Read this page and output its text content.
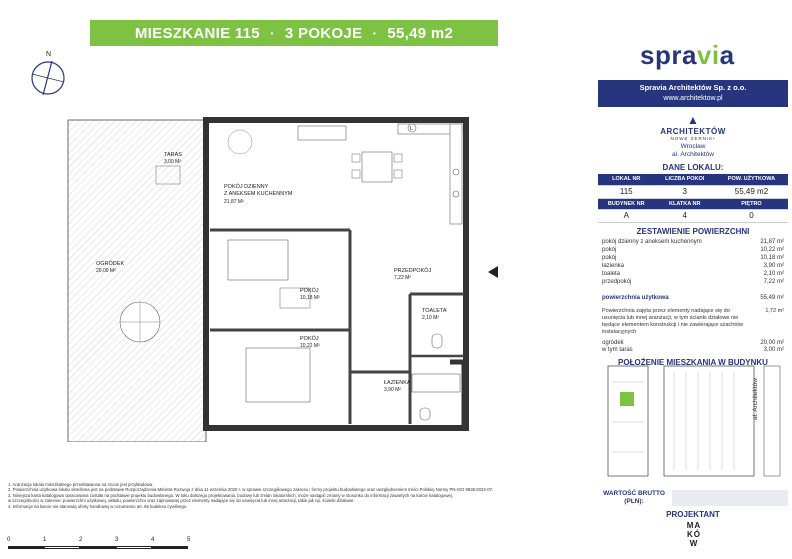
MIESZKANIE 115 · 3 POKOJE · 55,49 m2
spravia
N
L
TARAS
3,00 M²
OGRÓDEK
20,00 M²
POKÓJ DZIENNY
Z ANEKSEM KUCHENNYM
21,87 M²
POKÓJ
10,18 M²
POKÓJ
10,22 M²
PRZEDPOKÓJ
7,22 M²
TOALETA
2,10 M²
ŁAZIENKA
3,90 M²
Spravia Architektów Sp. z o.o.
www.architektow.pl
▲
ARCHITEKTÓW
NOWE ZERNIKI
Wrocław
al. Architektów
DANE LOKALU:
LOKAL NR	LICZBA POKOI	POW. UŻYTKOWA
115	3	55,49 m2
BUDYNEK NR	KLATKA NR	PIĘTRO
A	4	0
ZESTAWIENIE POWIERZCHNI
pokój dzienny z aneksem kuchennym	21,87 m²
pokój	10,22 m²
pokój	10,18 m²
łazienka	3,90 m²
toaleta	2,10 m²
przedpokój	7,22 m²
powierzchnia użytkowa	55,49 m²
Powierzchnia zajęta przez elementy nadające się do usunięcia lub innej aranżacji, w tym ścianki działowe nie będące elementem konstrukcji i nie zawierające szachtów instalacyjnych
1,72 m²
ogródek	20,00 m²
w tym taras	3,00 m²
POŁOŻENIE MIESZKANIA W BUDYNKU
al. Architektów
WARTOŚĆ BRUTTO (PLN):
PROJEKTANT
MA
KÓ
W
1. Aranżacja lokalu mieszkalnego przedstawiona na rzucie jest przykładowa.
2. Powierzchnia użytkowa lokalu określona jest na podstawie Rozporządzenia Ministra Rozwoju z dnia 11 września 2020 r. w sprawie szczegółowego zakresu i formy projektu budowlanego oraz uwzględnieniem treści Polskiej Normy PN-ISO 9836:2022-07.
3. Niniejsza karta katalogowa opracowana została na podstawie projektu budowlanego. W toku dalszego projektowania, budowy lub zmian lokatorskich, może nastąpić zmiany w stosunku do informacji zawartych na karcie katalogowej,
w szczególności w zakresie: powierzchni użytkowej, układu, powierzchni oraz zajmowanej przez elementy nadające się do usunięcia lub innej aranżacji, takie jak np. ścianki działowe.
4. Informacje na karcie nie stanowią oferty handlowej w rozumieniu art. 66 kodeksu cywilnego.
0	1	2	3	4	5
